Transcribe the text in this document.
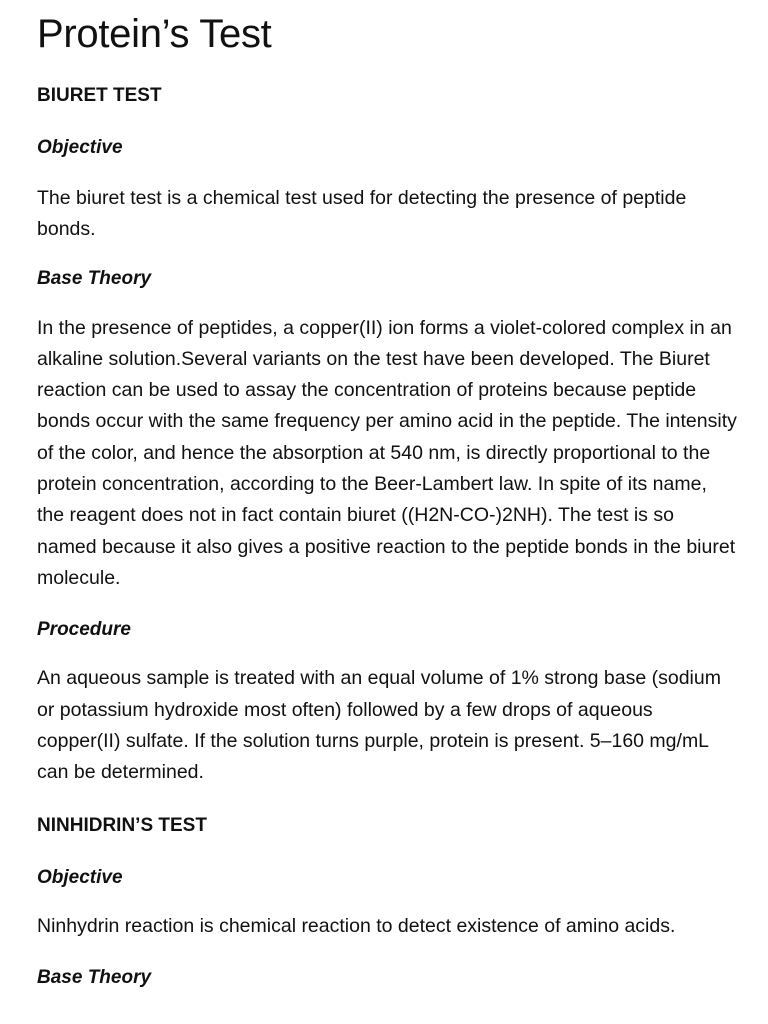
Protein’s Test
BIURET TEST
Objective

The biuret test is a chemical test used for detecting the presence of peptide bonds.

Base Theory

In the presence of peptides, a copper(II) ion forms a violet-colored complex in an alkaline solution.Several variants on the test have been developed. The Biuret reaction can be used to assay the concentration of proteins because peptide bonds occur with the same frequency per amino acid in the peptide. The intensity of the color, and hence the absorption at 540 nm, is directly proportional to the protein concentration, according to the Beer-Lambert law. In spite of its name, the reagent does not in fact contain biuret ((H2N-CO-)2NH). The test is so named because it also gives a positive reaction to the peptide bonds in the biuret molecule.

Procedure

An aqueous sample is treated with an equal volume of 1% strong base (sodium or potassium hydroxide most often) followed by a few drops of aqueous copper(II) sulfate. If the solution turns purple, protein is present. 5–160 mg/mL can be determined.

NINHIDRIN’S TEST
Objective

Ninhydrin reaction is chemical reaction to detect existence of amino acids.

Base Theory
